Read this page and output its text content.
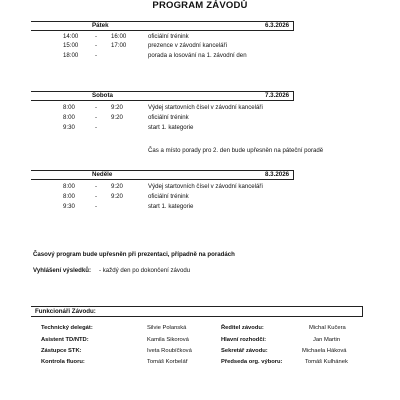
PROGRAM ZÁVODŮ
Pátek	6.3.2026
14:00	- 16:00	oficiální trénink
15:00	- 17:00	prezence v závodní kanceláři
18:00	-	porada a losování na 1. závodní den
Sobota	7.3.2026
8:00	- 9:20	Výdej startovních čísel v závodní kanceláři
8:00	- 9:20	oficiální trénink
9:30	-	start 1. kategorie
Čas a místo porady pro 2. den bude upřesněn na páteční poradě
Neděle	8.3.2026
8:00	- 9:20	Výdej startovních čísel v závodní kanceláři
8:00	- 9:20	oficiální trénink
9:30	-	start 1. kategorie
Časový program bude upřesněn při prezentaci, případně na poradách
Vyhlášení výsledků: - každý den po dokončení závodu
Funkcionáři Závodu:
Technický delegát:	Silvie Polanská	Ředitel závodu:	Michal Kučera
Asistent TD/NTD:	Kamila Sikorová	Hlavní rozhodčí:	Jan Martin
Zástupce STK:	Iveta Roubíčková	Sekretář závodu:	Michaela Háková
Kontrola fluoru:	Tomáš Korbelář	Předseda org. výboru:	Tomáš Kulhánek
